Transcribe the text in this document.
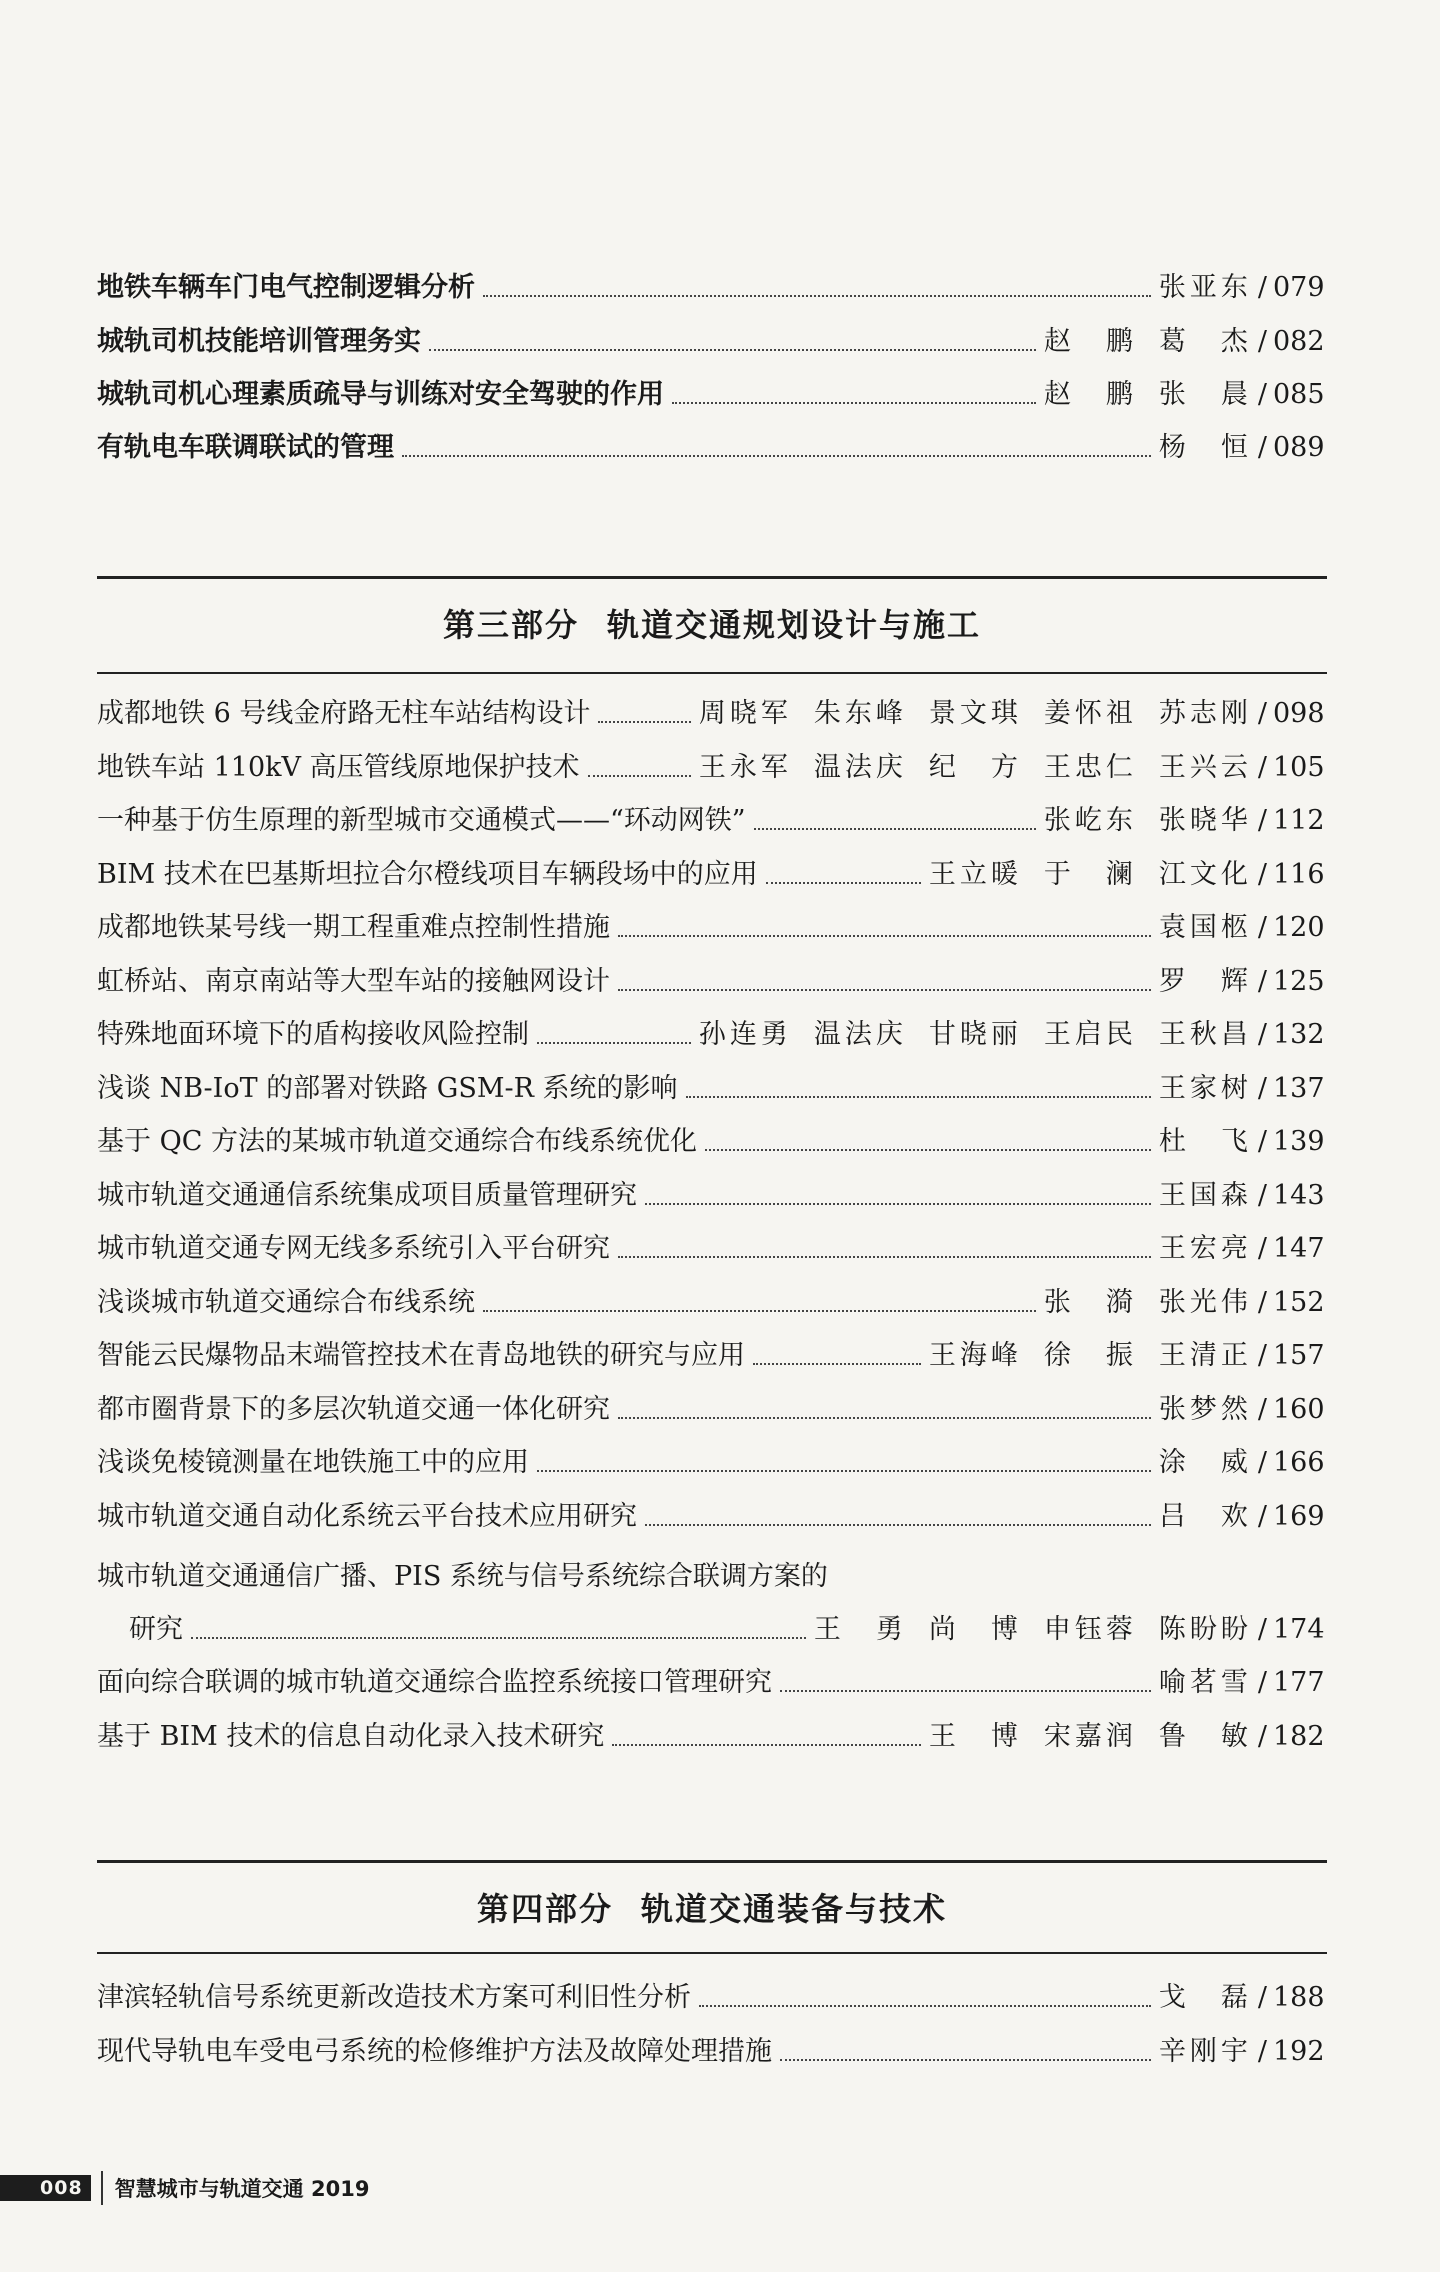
地铁车辆车门电气控制逻辑分析	张亚东 / 079
城轨司机技能培训管理务实	赵　鹏 葛　杰 / 082
城轨司机心理素质疏导与训练对安全驾驶的作用	赵　鹏 张　晨 / 085
有轨电车联调联试的管理	杨　恒 / 089
第三部分 轨道交通规划设计与施工
成都地铁 6 号线金府路无柱车站结构设计	周晓军 朱东峰 景文琪 姜怀祖 苏志刚 / 098
地铁车站 110kV 高压管线原地保护技术	王永军 温法庆 纪　方 王忠仁 王兴云 / 105
一种基于仿生原理的新型城市交通模式——“环动网铁”	张屹东 张晓华 / 112
BIM 技术在巴基斯坦拉合尔橙线项目车辆段场中的应用	王立暖 于　澜 江文化 / 116
成都地铁某号线一期工程重难点控制性措施	袁国柩 / 120
虹桥站、南京南站等大型车站的接触网设计	罗　辉 / 125
特殊地面环境下的盾构接收风险控制	孙连勇 温法庆 甘晓丽 王启民 王秋昌 / 132
浅谈 NB-IoT 的部署对铁路 GSM-R 系统的影响	王家树 / 137
基于 QC 方法的某城市轨道交通综合布线系统优化	杜　飞 / 139
城市轨道交通通信系统集成项目质量管理研究	王国森 / 143
城市轨道交通专网无线多系统引入平台研究	王宏亮 / 147
浅谈城市轨道交通综合布线系统	张　漪 张光伟 / 152
智能云民爆物品末端管控技术在青岛地铁的研究与应用	王海峰 徐　振 王清正 / 157
都市圈背景下的多层次轨道交通一体化研究	张梦然 / 160
浅谈免棱镜测量在地铁施工中的应用	涂　威 / 166
城市轨道交通自动化系统云平台技术应用研究	吕　欢 / 169
城市轨道交通通信广播、PIS 系统与信号系统综合联调方案的
研究	王　勇 尚　博 申钰蓉 陈盼盼 / 174
面向综合联调的城市轨道交通综合监控系统接口管理研究	喻茗雪 / 177
基于 BIM 技术的信息自动化录入技术研究	王　博 宋嘉润 鲁　敏 / 182
第四部分 轨道交通装备与技术
津滨轻轨信号系统更新改造技术方案可利旧性分析	戈　磊 / 188
现代导轨电车受电弓系统的检修维护方法及故障处理措施	辛刚宇 / 192
008	智慧城市与轨道交通 2019
